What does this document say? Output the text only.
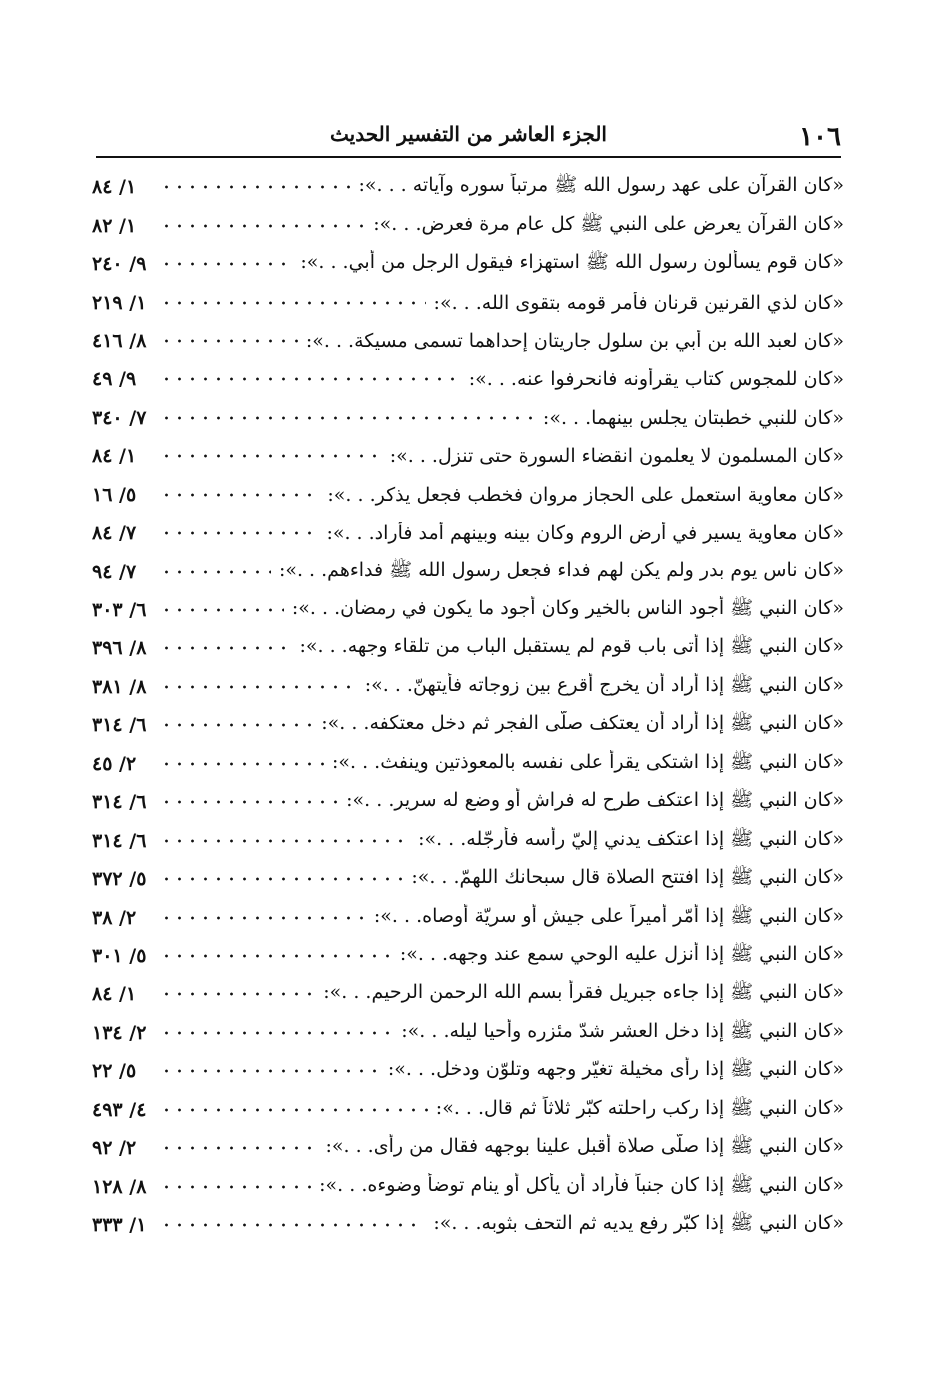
١٠٦
الجزء العاشر من التفسير الحديث
«كان القرآن على عهد رسول الله ﷺ مرتباً سوره وآياته . . .»:
١/ ٨٤
«كان القرآن يعرض على النبي ﷺ كل عام مرة فعرض. . .»:
١/ ٨٢
«كان قوم يسألون رسول الله ﷺ استهزاء فيقول الرجل من أبي. . .»:
٩/ ٢٤٠
«كان لذي القرنين قرنان فأمر قومه بتقوى الله. . .»:
١/ ٢١٩
«كان لعبد الله بن أبي بن سلول جاريتان إحداهما تسمى مسيكة. . .»:
٨/ ٤١٦
«كان للمجوس كتاب يقرأونه فانحرفوا عنه. . .»:
٩/ ٤٩
«كان للنبي خطبتان يجلس بينهما. . .»:
٧/ ٣٤٠
«كان المسلمون لا يعلمون انقضاء السورة حتى تنزل. . .»:
١/ ٨٤
«كان معاوية استعمل على الحجاز مروان فخطب فجعل يذكر. . .»:
٥/ ١٦
«كان معاوية يسير في أرض الروم وكان بينه وبينهم أمد فأراد. . .»:
٧/ ٨٤
«كان ناس يوم بدر ولم يكن لهم فداء فجعل رسول الله ﷺ فداءهم. . .»:
٧/ ٩٤
«كان النبي ﷺ أجود الناس بالخير وكان أجود ما يكون في رمضان. . .»:
٦/ ٣٠٣
«كان النبي ﷺ إذا أتى باب قوم لم يستقبل الباب من تلقاء وجهه. . .»:
٨/ ٣٩٦
«كان النبي ﷺ إذا أراد أن يخرج أقرع بين زوجاته فأيتهنّ. . .»:
٨/ ٣٨١
«كان النبي ﷺ إذا أراد أن يعتكف صلّى الفجر ثم دخل معتكفه. . .»:
٦/ ٣١٤
«كان النبي ﷺ إذا اشتكى يقرأ على نفسه بالمعوذتين وينفث. . .»:
٢/ ٤٥
«كان النبي ﷺ إذا اعتكف طرح له فراش أو وضع له سرير. . .»:
٦/ ٣١٤
«كان النبي ﷺ إذا اعتكف يدني إليّ رأسه فأرجّله. . .»:
٦/ ٣١٤
«كان النبي ﷺ إذا افتتح الصلاة قال سبحانك اللهمّ. . .»:
٥/ ٣٧٢
«كان النبي ﷺ إذا أمّر أميراً على جيش أو سريّة أوصاه. . .»:
٢/ ٣٨
«كان النبي ﷺ إذا أنزل عليه الوحي سمع عند وجهه. . .»:
٥/ ٣٠١
«كان النبي ﷺ إذا جاءه جبريل فقرأ بسم الله الرحمن الرحيم. . .»:
١/ ٨٤
«كان النبي ﷺ إذا دخل العشر شدّ مئزره وأحيا ليله. . .»:
٢/ ١٣٤
«كان النبي ﷺ إذا رأى مخيلة تغيّر وجهه وتلوّن ودخل. . .»:
٥/ ٢٢
«كان النبي ﷺ إذا ركب راحلته كبّر ثلاثاً ثم قال. . .»:
٤/ ٤٩٣
«كان النبي ﷺ إذا صلّى صلاة أقبل علينا بوجهه فقال من رأى. . .»:
٢/ ٩٢
«كان النبي ﷺ إذا كان جنباً فأراد أن يأكل أو ينام توضأ وضوءه. . .»:
٨/ ١٢٨
«كان النبي ﷺ إذا كبّر رفع يديه ثم التحف بثوبه. . .»:
١/ ٣٣٣
